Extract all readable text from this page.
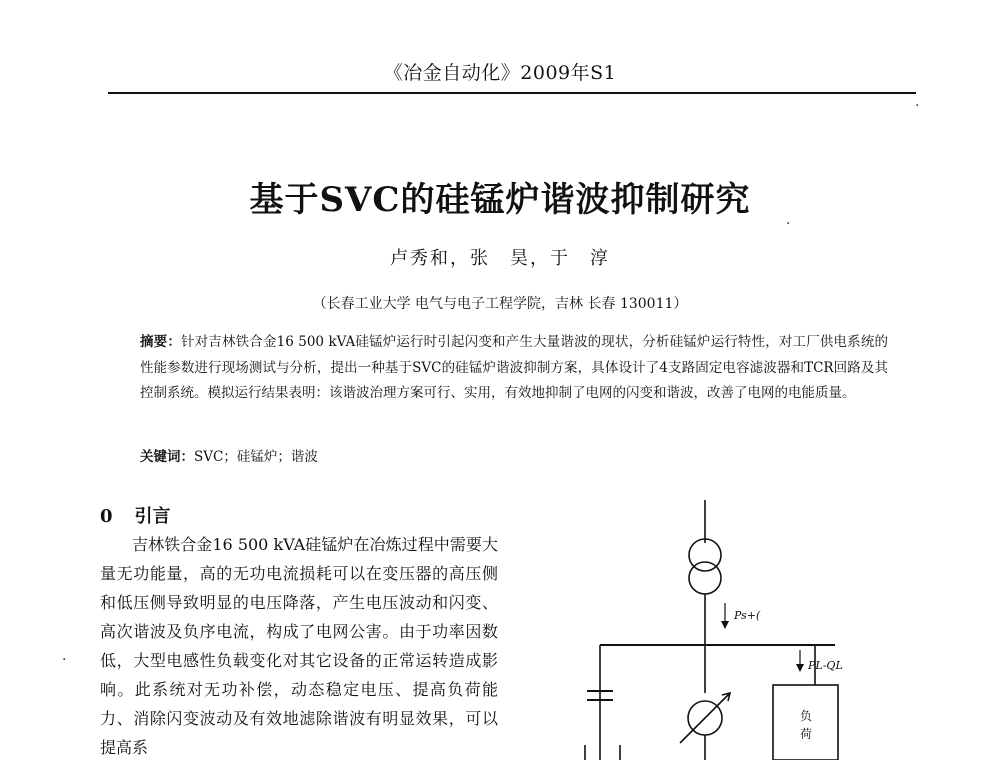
《冶金自动化》2009年S1
基于SVC的硅锰炉谐波抑制研究
卢秀和，张　昊，于　淳
（长春工业大学 电气与电子工程学院，吉林 长春 130011）
摘要：针对吉林铁合金16 500 kVA硅锰炉运行时引起闪变和产生大量谐波的现状，分析硅锰炉运行特性，对工厂供电系统的性能参数进行现场测试与分析，提出一种基于SVC的硅锰炉谐波抑制方案，具体设计了4支路固定电容滤波器和TCR回路及其控制系统。模拟运行结果表明：该谐波治理方案可行、实用，有效地抑制了电网的闪变和谐波，改善了电网的电能质量。
关键词：SVC；硅锰炉；谐波
0 引言
吉林铁合金16 500 kVA硅锰炉在冶炼过程中需要大量无功能量，高的无功电流损耗可以在变压器的高压侧和低压侧导致明显的电压降落，产生电压波动和闪变、高次谐波及负序电流，构成了电网公害。由于功率因数低，大型电感性负载变化对其它设备的正常运转造成影响。此系统对无功补偿，动态稳定电压、提高负荷能力、消除闪变波动及有效地滤除谐波有明显效果，可以提高系
Ps+(
PL-QL
负
荷
·
·
·
